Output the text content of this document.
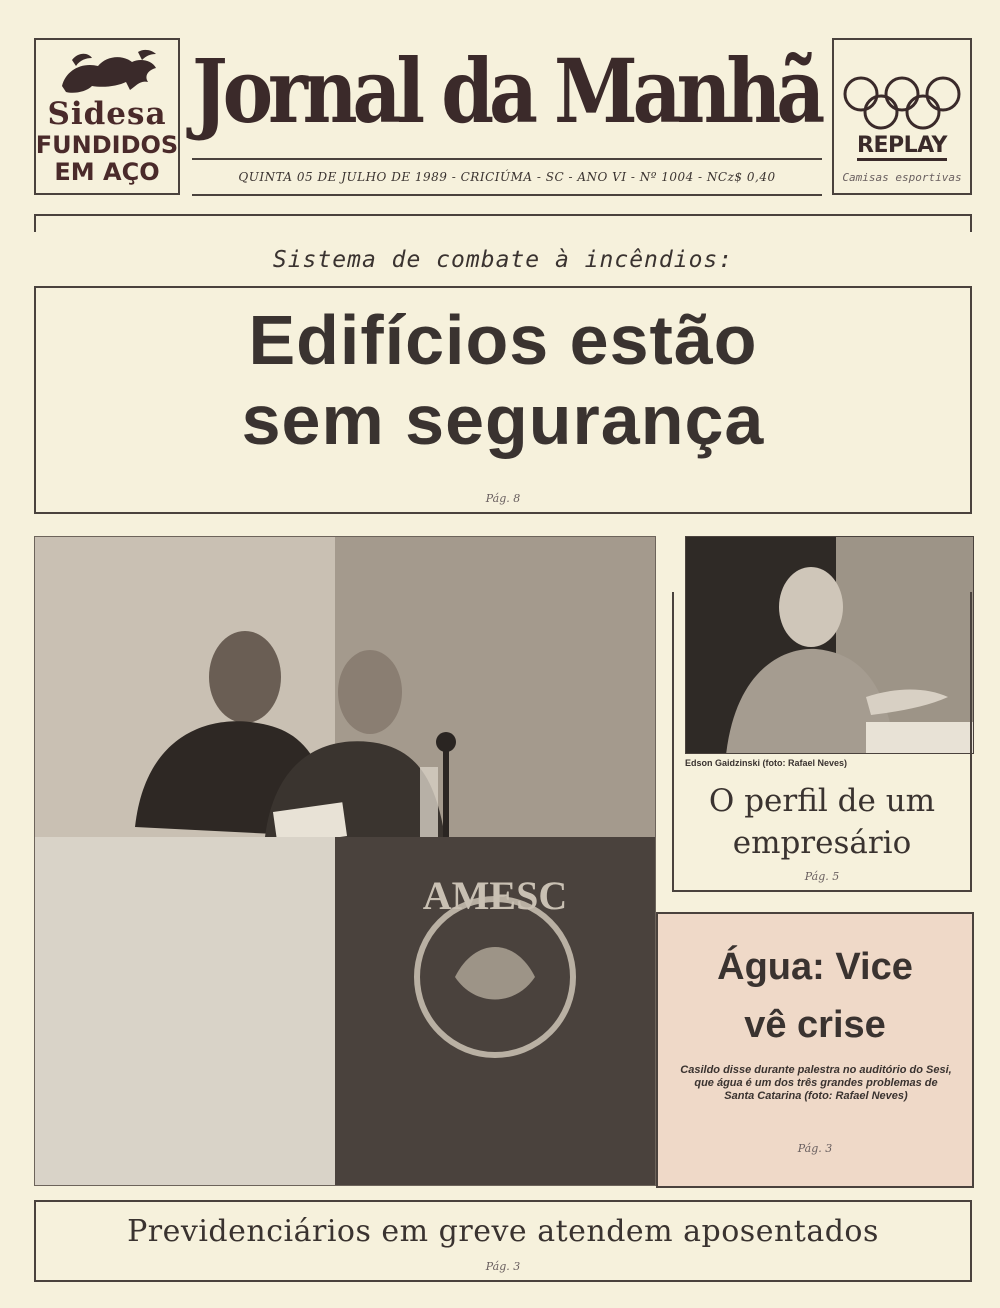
Sidesa
FUNDIDOS
EM AÇO
Jornal da Manhã
QUINTA 05 DE JULHO DE 1989 - CRICIÚMA - SC - ANO VI - Nº 1004 - NCz$ 0,40
REPLAY
Camisas esportivas
Sistema de combate à incêndios:
Edifícios estão
sem segurança
Pág. 8
AMESC
Edson Gaidzinski (foto: Rafael Neves)
O perfil de um
empresário
Pág. 5
Água: Vice
vê crise
Casildo disse durante palestra no auditório do Sesi, que água é um dos três grandes problemas de Santa Catarina (foto: Rafael Neves)
Pág. 3
Previdenciários em greve atendem aposentados
Pág. 3
